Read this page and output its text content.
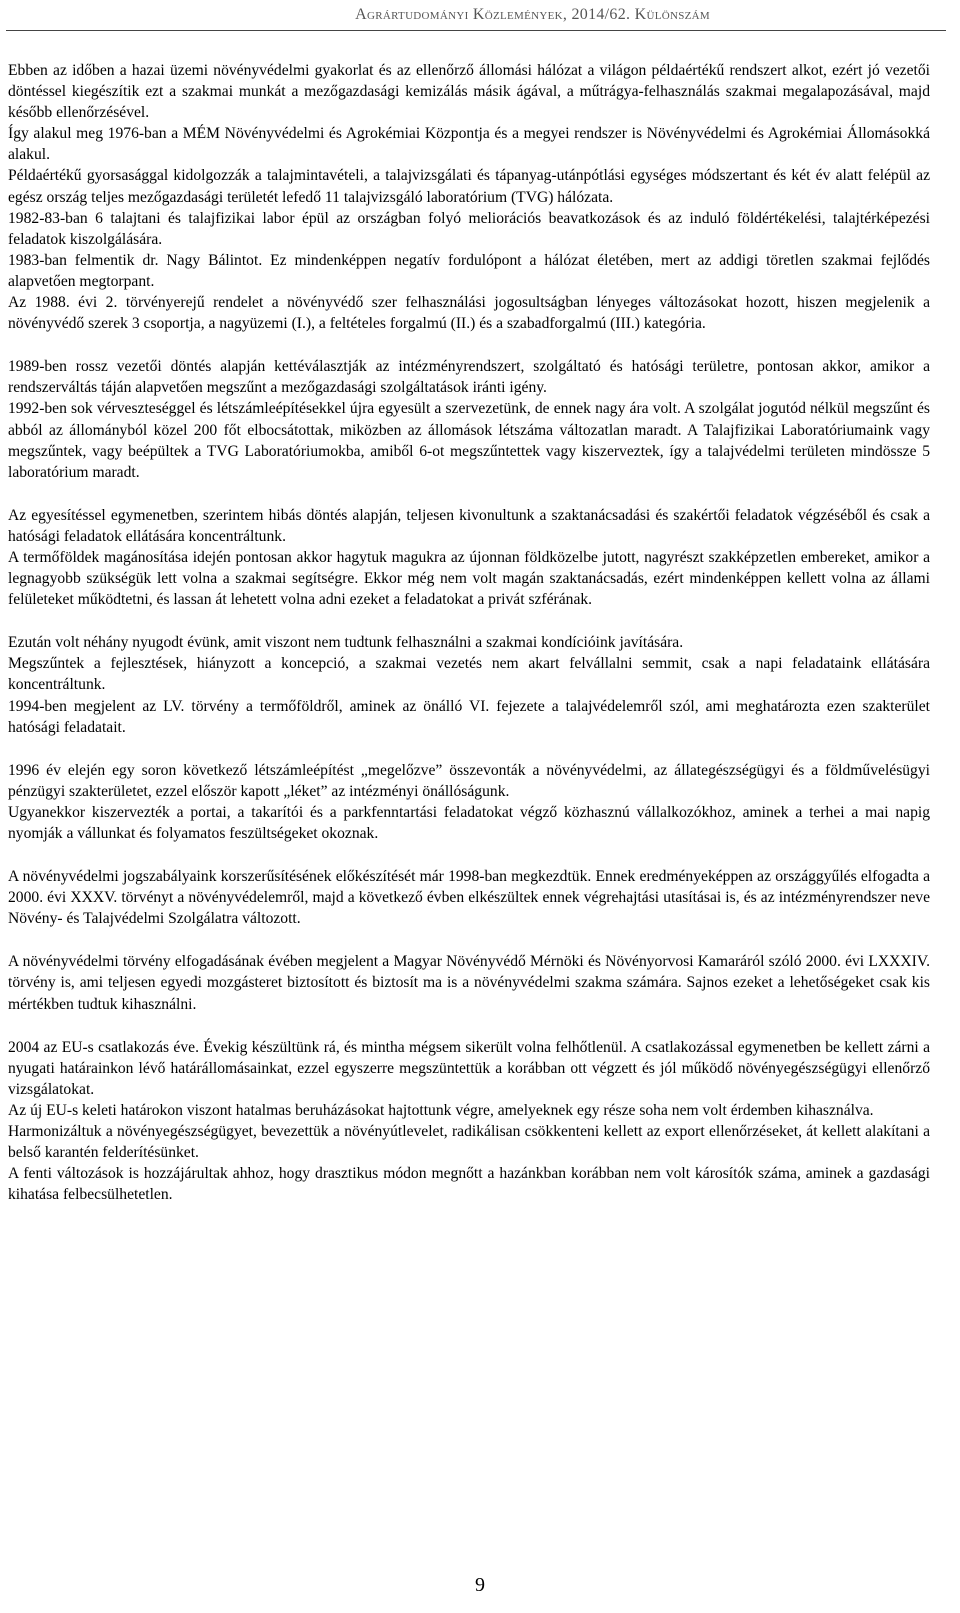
Agrártudományi Közlemények, 2014/62. Különszám

Ebben az időben a hazai üzemi növényvédelmi gyakorlat és az ellenőrző állomási hálózat a világon példaértékű rendszert alkot, ezért jó vezetői döntéssel kiegészítik ezt a szakmai munkát a mezőgazdasági kemizálás másik ágával, a műtrágya-felhasználás szakmai megalapozásával, majd később ellenőrzésével.

Így alakul meg 1976-ban a MÉM Növényvédelmi és Agrokémiai Központja és a megyei rendszer is Növényvédelmi és Agrokémiai Állomásokká alakul.

Példaértékű gyorsasággal kidolgozzák a talajmintavételi, a talajvizsgálati és tápanyag-utánpótlási egységes módszertant és két év alatt felépül az egész ország teljes mezőgazdasági területét lefedő 11 talajvizsgáló laboratórium (TVG) hálózata.

1982-83-ban 6 talajtani és talajfizikai labor épül az országban folyó meliorációs beavatkozások és az induló földértékelési, talajtérképezési feladatok kiszolgálására.

1983-ban felmentik dr. Nagy Bálintot. Ez mindenképpen negatív fordulópont a hálózat életében, mert az addigi töretlen szakmai fejlődés alapvetően megtorpant.

Az 1988. évi 2. törvényerejű rendelet a növényvédő szer felhasználási jogosultságban lényeges változásokat hozott, hiszen megjelenik a növényvédő szerek 3 csoportja, a nagyüzemi (I.), a feltételes forgalmú (II.) és a szabadforgalmú (III.) kategória.

1989-ben rossz vezetői döntés alapján kettéválasztják az intézményrendszert, szolgáltató és hatósági területre, pontosan akkor, amikor a rendszerváltás táján alapvetően megszűnt a mezőgazdasági szolgáltatások iránti igény.

1992-ben sok vérveszteséggel és létszámleépítésekkel újra egyesült a szervezetünk, de ennek nagy ára volt. A szolgálat jogutód nélkül megszűnt és abból az állományból közel 200 főt elbocsátottak, miközben az állomások létszáma változatlan maradt. A Talajfizikai Laboratóriumaink vagy megszűntek, vagy beépültek a TVG Laboratóriumokba, amiből 6-ot megszűntettek vagy kiszerveztek, így a talajvédelmi területen mindössze 5 laboratórium maradt.

Az egyesítéssel egymenetben, szerintem hibás döntés alapján, teljesen kivonultunk a szaktanácsadási és szakértői feladatok végzéséből és csak a hatósági feladatok ellátására koncentráltunk.

A termőföldek magánosítása idején pontosan akkor hagytuk magukra az újonnan földközelbe jutott, nagyrészt szakképzetlen embereket, amikor a legnagyobb szükségük lett volna a szakmai segítségre. Ekkor még nem volt magán szaktanácsadás, ezért mindenképpen kellett volna az állami felületeket működtetni, és lassan át lehetett volna adni ezeket a feladatokat a privát szférának.

Ezután volt néhány nyugodt évünk, amit viszont nem tudtunk felhasználni a szakmai kondícióink javítására.

Megszűntek a fejlesztések, hiányzott a koncepció, a szakmai vezetés nem akart felvállalni semmit, csak a napi feladataink ellátására koncentráltunk.

1994-ben megjelent az LV. törvény a termőföldről, aminek az önálló VI. fejezete a talajvédelemről szól, ami meghatározta ezen szakterület hatósági feladatait.

1996 év elején egy soron következő létszámleépítést „megelőzve” összevonták a növényvédelmi, az állategészségügyi és a földművelésügyi pénzügyi szakterületet, ezzel először kapott „léket” az intézményi önállóságunk.

Ugyanekkor kiszervezték a portai, a takarítói és a parkfenntartási feladatokat végző közhasznú vállalkozókhoz, aminek a terhei a mai napig nyomják a vállunkat és folyamatos feszültségeket okoznak.

A növényvédelmi jogszabályaink korszerűsítésének előkészítését már 1998-ban megkezdtük. Ennek eredményeképpen az országgyűlés elfogadta a 2000. évi XXXV. törvényt a növényvédelemről, majd a következő évben elkészültek ennek végrehajtási utasításai is, és az intézményrendszer neve Növény- és Talajvédelmi Szolgálatra változott.

A növényvédelmi törvény elfogadásának évében megjelent a Magyar Növényvédő Mérnöki és Növényorvosi Kamaráról szóló 2000. évi LXXXIV. törvény is, ami teljesen egyedi mozgásteret biztosított és biztosít ma is a növényvédelmi szakma számára. Sajnos ezeket a lehetőségeket csak kis mértékben tudtuk kihasználni.

2004 az EU-s csatlakozás éve. Évekig készültünk rá, és mintha mégsem sikerült volna felhőtlenül. A csatlakozással egymenetben be kellett zárni a nyugati határainkon lévő határállomásainkat, ezzel egyszerre megszüntettük a korábban ott végzett és jól működő növényegészségügyi ellenőrző vizsgálatokat.

Az új EU-s keleti határokon viszont hatalmas beruházásokat hajtottunk végre, amelyeknek egy része soha nem volt érdemben kihasználva.

Harmonizáltuk a növényegészségügyet, bevezettük a növényútlevelet, radikálisan csökkenteni kellett az export ellenőrzéseket, át kellett alakítani a belső karantén felderítésünket.

A fenti változások is hozzájárultak ahhoz, hogy drasztikus módon megnőtt a hazánkban korábban nem volt károsítók száma, aminek a gazdasági kihatása felbecsülhetetlen.

9
